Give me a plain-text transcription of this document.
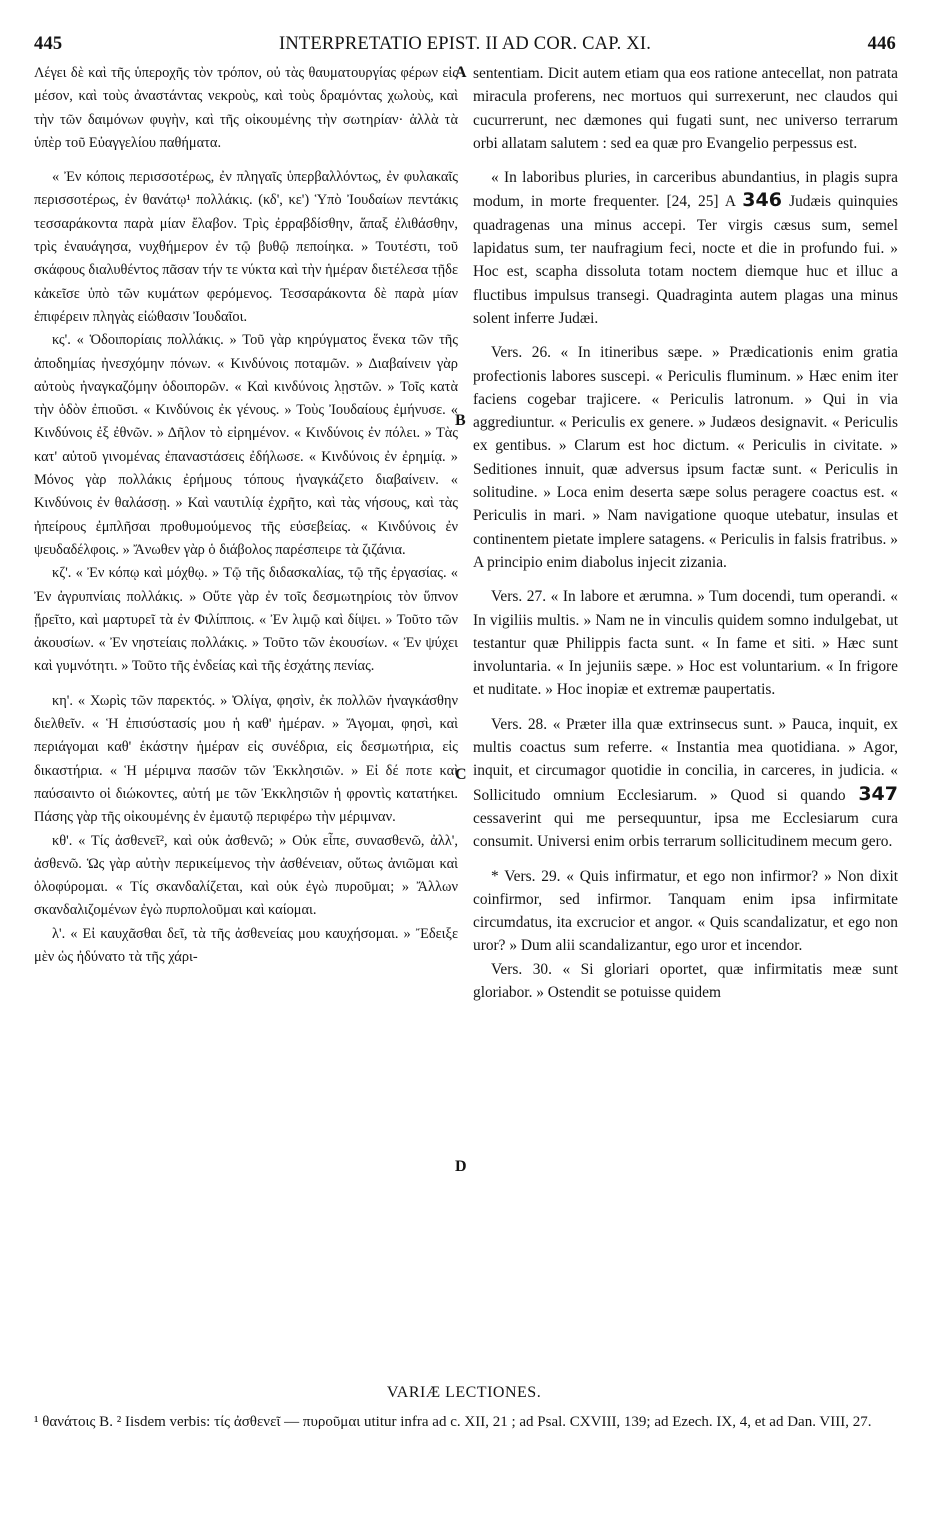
445	INTERPRETATIO EPIST. II AD COR. CAP. XI.	446

Λέγει δὲ καὶ τῆς ὑπεροχῆς τὸν τρόπον, οὐ τὰς θαυματουργίας φέρων εἰς μέσον, καὶ τοὺς ἀναστάντας νεκροὺς, καὶ τοὺς δραμόντας χωλοὺς, καὶ τὴν τῶν δαιμόνων φυγὴν, καὶ τῆς οἰκουμένης τὴν σωτηρίαν· ἀλλὰ τὰ ὑπὲρ τοῦ Εὐαγγελίου παθήματα.

« Ἐν κόποις περισσοτέρως, ἐν πληγαῖς ὑπερβαλλόντως, ἐν φυλακαῖς περισσοτέρως, ἐν θανάτῳ¹ πολλάκις. (κδ', κε') Ὑπὸ Ἰουδαίων πεντάκις τεσσαράκοντα παρὰ μίαν ἔλαβον. Τρὶς ἐρραβδίσθην, ἅπαξ ἐλιθάσθην, τρὶς ἐναυάγησα, νυχθήμερον ἐν τῷ βυθῷ πεποίηκα. » Τουτέστι, τοῦ σκάφους διαλυθέντος πᾶσαν τήν τε νύκτα καὶ τὴν ἡμέραν διετέλεσα τῇδε κἀκεῖσε ὑπὸ τῶν κυμάτων φερόμενος. Τεσσαράκοντα δὲ παρὰ μίαν ἐπιφέρειν πληγὰς εἰώθασιν Ἰουδαῖοι.

κς'. « Ὁδοιπορίαις πολλάκις. » Τοῦ γὰρ κηρύγματος ἕνεκα τῶν τῆς ἀποδημίας ἠνεσχόμην πόνων. « Κινδύνοις ποταμῶν. » Διαβαίνειν γὰρ αὐτοὺς ἠναγκαζόμην ὁδοιπορῶν. « Καὶ κινδύνοις λῃστῶν. » Τοῖς κατὰ τὴν ὁδὸν ἐπιοῦσι. « Κινδύνοις ἐκ γένους. » Τοὺς Ἰουδαίους ἐμήνυσε. « Κινδύνοις ἐξ ἐθνῶν. » Δῆλον τὸ εἰρημένον. « Κινδύνοις ἐν πόλει. » Τὰς κατ' αὐτοῦ γινομένας ἐπαναστάσεις ἐδήλωσε. « Κινδύνοις ἐν ἐρημίᾳ. » Μόνος γὰρ πολλάκις ἐρήμους τόπους ἠναγκάζετο διαβαίνειν. « Κινδύνοις ἐν θαλάσσῃ. » Καὶ ναυτιλίᾳ ἐχρῆτο, καὶ τὰς νήσους, καὶ τὰς ἠπείρους ἐμπλῆσαι προθυμούμενος τῆς εὐσεβείας. « Κινδύνοις ἐν ψευδαδέλφοις. » Ἄνωθεν γὰρ ὁ διάβολος παρέσπειρε τὰ ζιζάνια.

κζ'. « Ἐν κόπῳ καὶ μόχθῳ. » Τῷ τῆς διδασκαλίας, τῷ τῆς ἐργασίας. « Ἐν ἀγρυπνίαις πολλάκις. » Οὔτε γὰρ ἐν τοῖς δεσμωτηρίοις τὸν ὕπνον ᾕρεῖτο, καὶ μαρτυρεῖ τὰ ἐν Φιλίπποις. « Ἐν λιμῷ καὶ δίψει. » Τοῦτο τῶν ἀκουσίων. « Ἐν νηστείαις πολλάκις. » Τοῦτο τῶν ἑκουσίων. « Ἐν ψύχει καὶ γυμνότητι. » Τοῦτο τῆς ἐνδείας καὶ τῆς ἐσχάτης πενίας.

κη'. « Χωρὶς τῶν παρεκτός. » Ὀλίγα, φησὶν, ἐκ πολλῶν ἠναγκάσθην διελθεῖν. « Ἡ ἐπισύστασίς μου ἡ καθ' ἡμέραν. » Ἄγομαι, φησὶ, καὶ περιάγομαι καθ' ἑκάστην ἡμέραν εἰς συνέδρια, εἰς δεσμωτήρια, εἰς δικαστήρια. « Ἡ μέριμνα πασῶν τῶν Ἐκκλησιῶν. » Εἰ δέ ποτε καὶ παύσαιντο οἱ διώκοντες, αὐτή με τῶν Ἐκκλησιῶν ἡ φροντὶς κατατήκει. Πάσης γὰρ τῆς οἰκουμένης ἐν ἐμαυτῷ περιφέρω τὴν μέριμναν.

κθ'. « Τίς ἀσθενεῖ², καὶ οὐκ ἀσθενῶ; » Οὐκ εἶπε, συνασθενῶ, ἀλλ', ἀσθενῶ. Ὡς γὰρ αὐτὴν περικείμενος τὴν ἀσθένειαν, οὕτως ἀνιῶμαι καὶ ὀλοφύρομαι. « Τίς σκανδαλίζεται, καὶ οὐκ ἐγὼ πυροῦμαι; » Ἄλλων σκανδαλιζομένων ἐγὼ πυρπολοῦμαι καὶ καίομαι.

λ'. « Εἰ καυχᾶσθαι δεῖ, τὰ τῆς ἀσθενείας μου καυχήσομαι. » Ἔδειξε μὲν ὡς ἠδύνατο τὰ τῆς χάρι-

A
B
C
D

sententiam. Dicit autem etiam qua eos ratione antecellat, non patrata miracula proferens, nec mortuos qui surrexerunt, nec claudos qui cucurrerunt, nec dæmones qui fugati sunt, nec universo terrarum orbi allatam salutem : sed ea quæ pro Evangelio perpessus est.

« In laboribus pluries, in carceribus abundantius, in plagis supra modum, in morte frequenter. [24, 25] A 346 Judæis quinquies quadragenas una minus accepi. Ter virgis cæsus sum, semel lapidatus sum, ter naufragium feci, nocte et die in profundo fui. » Hoc est, scapha dissoluta totam noctem diemque huc et illuc a fluctibus impulsus transegi. Quadraginta autem plagas una minus solent inferre Judæi.

Vers. 26. « In itineribus sæpe. » Prædicationis enim gratia profectionis labores suscepi. « Periculis fluminum. » Hæc enim iter faciens cogebar trajicere. « Periculis latronum. » Qui in via aggrediuntur. « Periculis ex genere. » Judæos designavit. « Periculis ex gentibus. » Clarum est hoc dictum. « Periculis in civitate. » Seditiones innuit, quæ adversus ipsum factæ sunt. « Periculis in solitudine. » Loca enim deserta sæpe solus peragere coactus est. « Periculis in mari. » Nam navigatione quoque utebatur, insulas et continentem pietate implere satagens. « Periculis in falsis fratribus. » A principio enim diabolus injecit zizania.

Vers. 27. « In labore et ærumna. » Tum docendi, tum operandi. « In vigiliis multis. » Nam ne in vinculis quidem somno indulgebat, ut testantur quæ Philippis facta sunt. « In fame et siti. » Hæc sunt involuntaria. « In jejuniis sæpe. » Hoc est voluntarium. « In frigore et nuditate. » Hoc inopiæ et extremæ paupertatis.

Vers. 28. « Præter illa quæ extrinsecus sunt. » Pauca, inquit, ex multis coactus sum referre. « Instantia mea quotidiana. » Agor, inquit, et circumagor quotidie in concilia, in carceres, in judicia. « Sollicitudo omnium Ecclesiarum. » Quod si quando 347 cessaverint qui me persequuntur, ipsa me Ecclesiarum cura consumit. Universi enim orbis terrarum sollicitudinem mecum gero.

* Vers. 29. « Quis infirmatur, et ego non infirmor? » Non dixit coinfirmor, sed infirmor. Tanquam enim ipsa infirmitate circumdatus, ita excrucior et angor. « Quis scandalizatur, et ego non uror? » Dum alii scandalizantur, ego uror et incendor.

Vers. 30. « Si gloriari oportet, quæ infirmitatis meæ sunt gloriabor. » Ostendit se potuisse quidem

VARIÆ LECTIONES.

¹ θανάτοις B. ² Iisdem verbis: τίς ἀσθενεῖ — πυροῦμαι utitur infra ad c. XII, 21 ; ad Psal. CXVIII, 139; ad Ezech. IX, 4, et ad Dan. VIII, 27.
